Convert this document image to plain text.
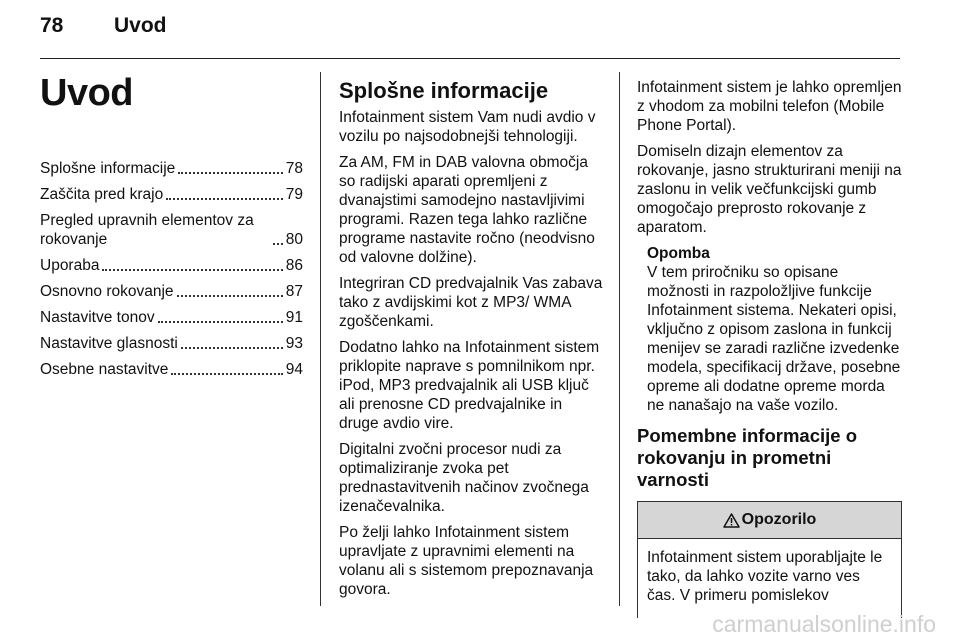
78 Uvod
Uvod
Splošne informacije	78
Zaščita pred krajo	79
Pregled upravnih elementov za rokovanje	80
Uporaba	86
Osnovno rokovanje	87
Nastavitve tonov	91
Nastavitve glasnosti	93
Osebne nastavitve	94
Splošne informacije

Infotainment sistem Vam nudi avdio v vozilu po najsodobnejši tehnologiji.

Za AM, FM in DAB valovna območja so radijski aparati opremljeni z dvanajstimi samodejno nastavljivimi programi. Razen tega lahko različne programe nastavite ročno (neodvisno od valovne dolžine).

Integriran CD predvajalnik Vas zabava tako z avdijskimi kot z MP3/ WMA zgoščenkami.

Dodatno lahko na Infotainment sistem priklopite naprave s pomnilnikom npr. iPod, MP3 predvajalnik ali USB ključ ali prenosne CD predvajalnike in druge avdio vire.

Digitalni zvočni procesor nudi za optimaliziranje zvoka pet prednastavitvenih načinov zvočnega izenačevalnika.

Po želji lahko Infotainment sistem upravljate z upravnimi elementi na volanu ali s sistemom prepoznavanja govora.

Infotainment sistem je lahko opremljen z vhodom za mobilni telefon (Mobile Phone Portal).

Domiseln dizajn elementov za rokovanje, jasno strukturirani meniji na zaslonu in velik večfunkcijski gumb omogočajo preprosto rokovanje z aparatom.

Opomba
V tem priročniku so opisane možnosti in razpoložljive funkcije Infotainment sistema. Nekateri opisi, vključno z opisom zaslona in funkcij menijev se zaradi različne izvedenke modela, specifikacij države, posebne opreme ali dodatne opreme morda ne nanašajo na vaše vozilo.
Pomembne informacije o rokovanju in prometni varnosti
Opozorilo
Infotainment sistem uporabljajte le tako, da lahko vozite varno ves čas. V primeru pomislekov
carmanualsonline.info
